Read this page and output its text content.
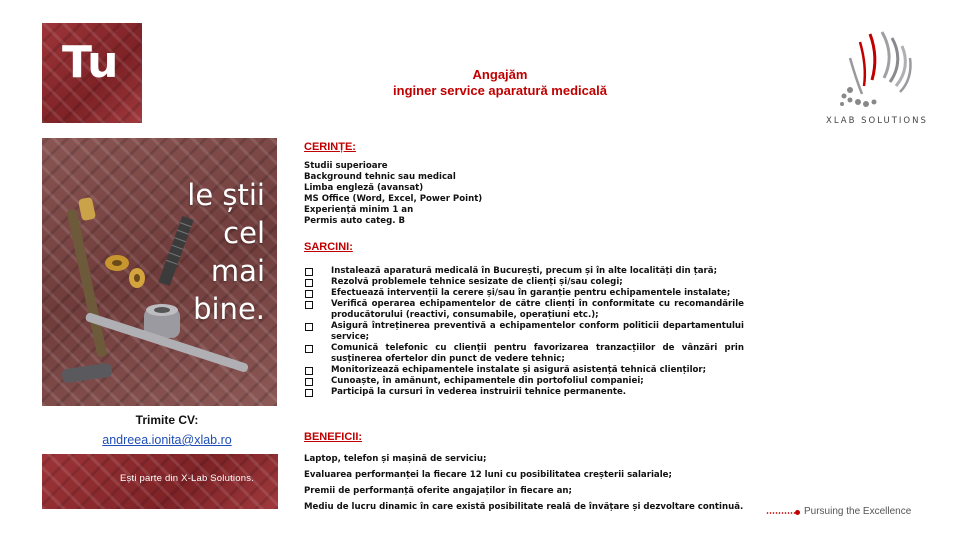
Tu
le știi
cel
mai
bine.
Trimite CV:
andreea.ionita@xlab.ro
Ești parte din X-Lab Solutions.
Angajăm
inginer service aparatură medicală
CERINȚE:
Studii superioare
Background tehnic sau medical
Limba engleză (avansat)
MS Office (Word, Excel, Power Point)
Experiență minim 1 an
Permis auto categ. B
SARCINI:
Instalează aparatură medicală în București, precum și în alte localități din țară;
Rezolvă problemele tehnice sesizate de clienți și/sau colegi;
Efectuează intervenții la cerere și/sau în garanție pentru echipamentele instalate;
Verifică operarea echipamentelor de către clienți în conformitate cu recomandările producătorului (reactivi, consumabile, operațiuni etc.);
Asigură întreținerea preventivă a echipamentelor conform politicii departamentului service;
Comunică telefonic cu clienții pentru favorizarea tranzacțiilor de vânzări prin susținerea ofertelor din punct de vedere tehnic;
Monitorizează echipamentele instalate și asigură asistență tehnică clienților;
Cunoaște, în amănunt, echipamentele din portofoliul companiei;
Participă la cursuri în vederea instruirii tehnice permanente.
BENEFICII:
Laptop, telefon și mașină de serviciu;
Evaluarea performanței la fiecare 12 luni cu posibilitatea creșterii salariale;
Premii de performanță oferite angajaților în fiecare an;
Mediu de lucru dinamic în care există posibilitate reală de învățare și dezvoltare continuă.
XLAB SOLUTIONS
Pursuing the Excellence
